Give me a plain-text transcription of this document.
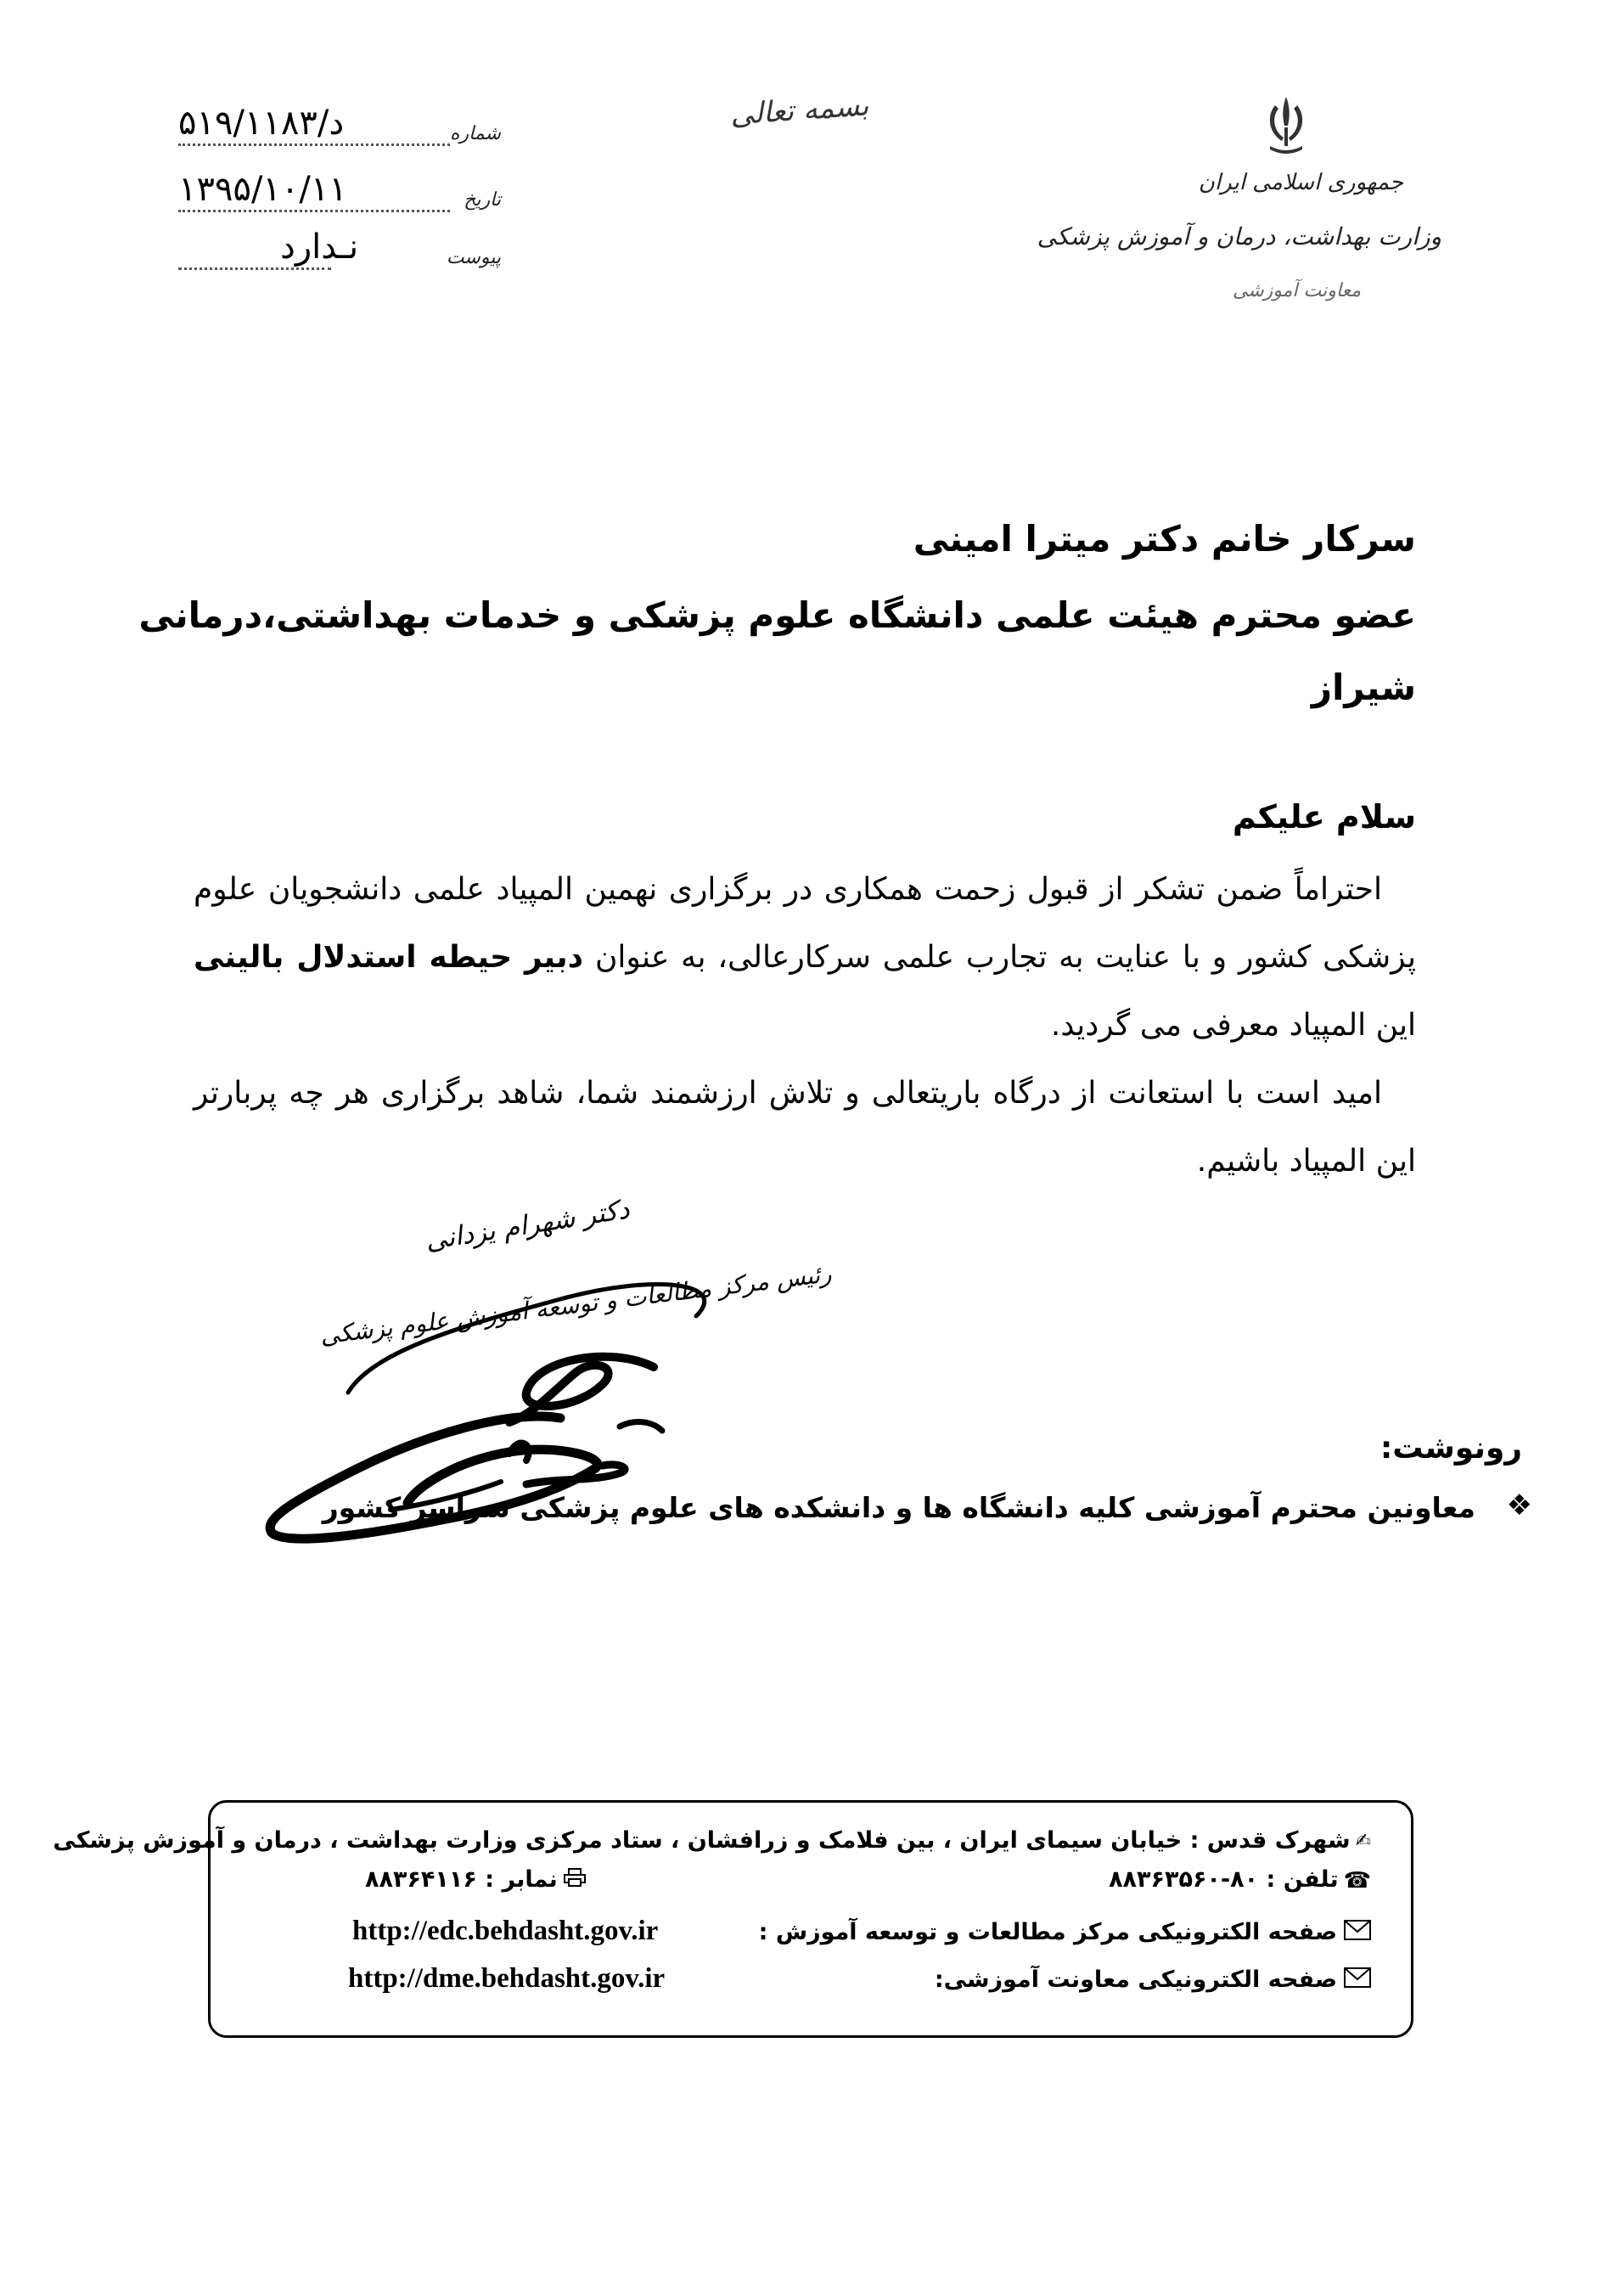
د/۵۱۹/۱۱۸۳	شماره
۱۳۹۵/۱۰/۱۱	تاریخ
نـدارد	پیوست
بسمه تعالی
جمهوری اسلامی ایران
وزارت بهداشت، درمان و آموزش پزشکی
معاونت آموزشی
سرکار خانم دکتر میترا امینی
عضو محترم هیئت علمی دانشگاه علوم پزشکی و خدمات بهداشتی،درمانی
شیراز
سلام علیکم
احتراماً ضمن تشکر از قبول زحمت همکاری در برگزاری نهمین المپیاد علمی دانشجویان علوم پزشکی کشور و با عنایت به تجارب علمی سرکارعالی، به عنوان دبیر حیطه استدلال بالینی این المپیاد معرفی می گردید.
امید است با استعانت از درگاه باریتعالی و تلاش ارزشمند شما، شاهد برگزاری هر چه پربارتر این المپیاد باشیم.
دکتر شهرام یزدانی
رئیس مرکز مطالعات و توسعه آموزش علوم پزشکی
رونوشت:
❖
معاونین محترم آموزشی کلیه دانشگاه ها و دانشکده های علوم پزشکی سراسر کشور
✍شهرک قدس : خیابان سیمای ایران ، بین فلامک و زرافشان ، ستاد مرکزی وزارت بهداشت ، درمان و آموزش پزشکی
☎تلفن : ۸۰-۸۸۳۶۳۵۶۰
نمابر : ۸۸۳۶۴۱۱۶
صفحه الکترونیکی مرکز مطالعات و توسعه آموزش :
http://edc.behdasht.gov.ir
صفحه الکترونیکی معاونت آموزشی:
http://dme.behdasht.gov.ir
